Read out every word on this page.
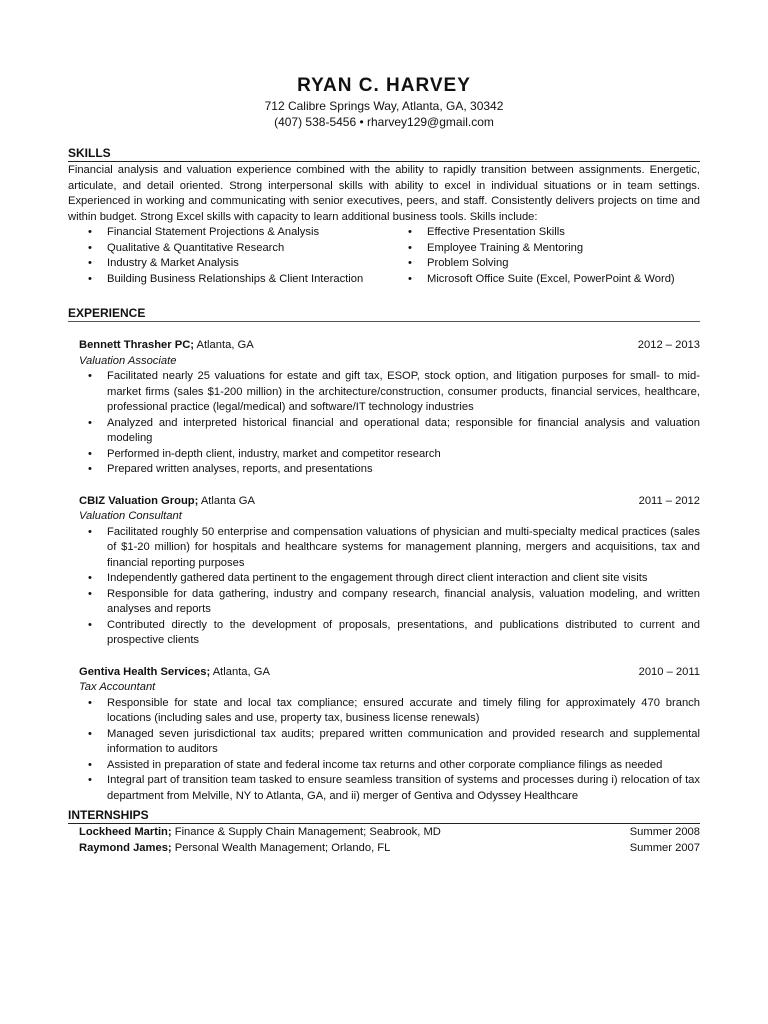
RYAN C. HARVEY
712 Calibre Springs Way, Atlanta, GA, 30342
(407) 538-5456 • rharvey129@gmail.com
SKILLS

Financial analysis and valuation experience combined with the ability to rapidly transition between assignments. Energetic, articulate, and detail oriented. Strong interpersonal skills with ability to excel in individual situations or in team settings. Experienced in working and communicating with senior executives, peers, and staff. Consistently delivers projects on time and within budget. Strong Excel skills with capacity to learn additional business tools. Skills include:

• Financial Statement Projections & Analysis
• Qualitative & Quantitative Research
• Industry & Market Analysis
• Building Business Relationships & Client Interaction
• Effective Presentation Skills
• Employee Training & Mentoring
• Problem Solving
• Microsoft Office Suite (Excel, PowerPoint & Word)
EXPERIENCE
Bennett Thrasher PC; Atlanta, GA	2012 – 2013
Valuation Associate
• Facilitated nearly 25 valuations for estate and gift tax, ESOP, stock option, and litigation purposes for small- to mid-market firms (sales $1-200 million) in the architecture/construction, consumer products, financial services, healthcare, professional practice (legal/medical) and software/IT technology industries
• Analyzed and interpreted historical financial and operational data; responsible for financial analysis and valuation modeling
• Performed in-depth client, industry, market and competitor research
• Prepared written analyses, reports, and presentations
CBIZ Valuation Group; Atlanta GA	2011 – 2012
Valuation Consultant
• Facilitated roughly 50 enterprise and compensation valuations of physician and multi-specialty medical practices (sales of $1-20 million) for hospitals and healthcare systems for management planning, mergers and acquisitions, tax and financial reporting purposes
• Independently gathered data pertinent to the engagement through direct client interaction and client site visits
• Responsible for data gathering, industry and company research, financial analysis, valuation modeling, and written analyses and reports
• Contributed directly to the development of proposals, presentations, and publications distributed to current and prospective clients
Gentiva Health Services; Atlanta, GA	2010 – 2011
Tax Accountant
• Responsible for state and local tax compliance; ensured accurate and timely filing for approximately 470 branch locations (including sales and use, property tax, business license renewals)
• Managed seven jurisdictional tax audits; prepared written communication and provided research and supplemental information to auditors
• Assisted in preparation of state and federal income tax returns and other corporate compliance filings as needed
• Integral part of transition team tasked to ensure seamless transition of systems and processes during i) relocation of tax department from Melville, NY to Atlanta, GA, and ii) merger of Gentiva and Odyssey Healthcare
INTERNSHIPS
Lockheed Martin; Finance & Supply Chain Management; Seabrook, MD	Summer 2008
Raymond James; Personal Wealth Management; Orlando, FL	Summer 2007
